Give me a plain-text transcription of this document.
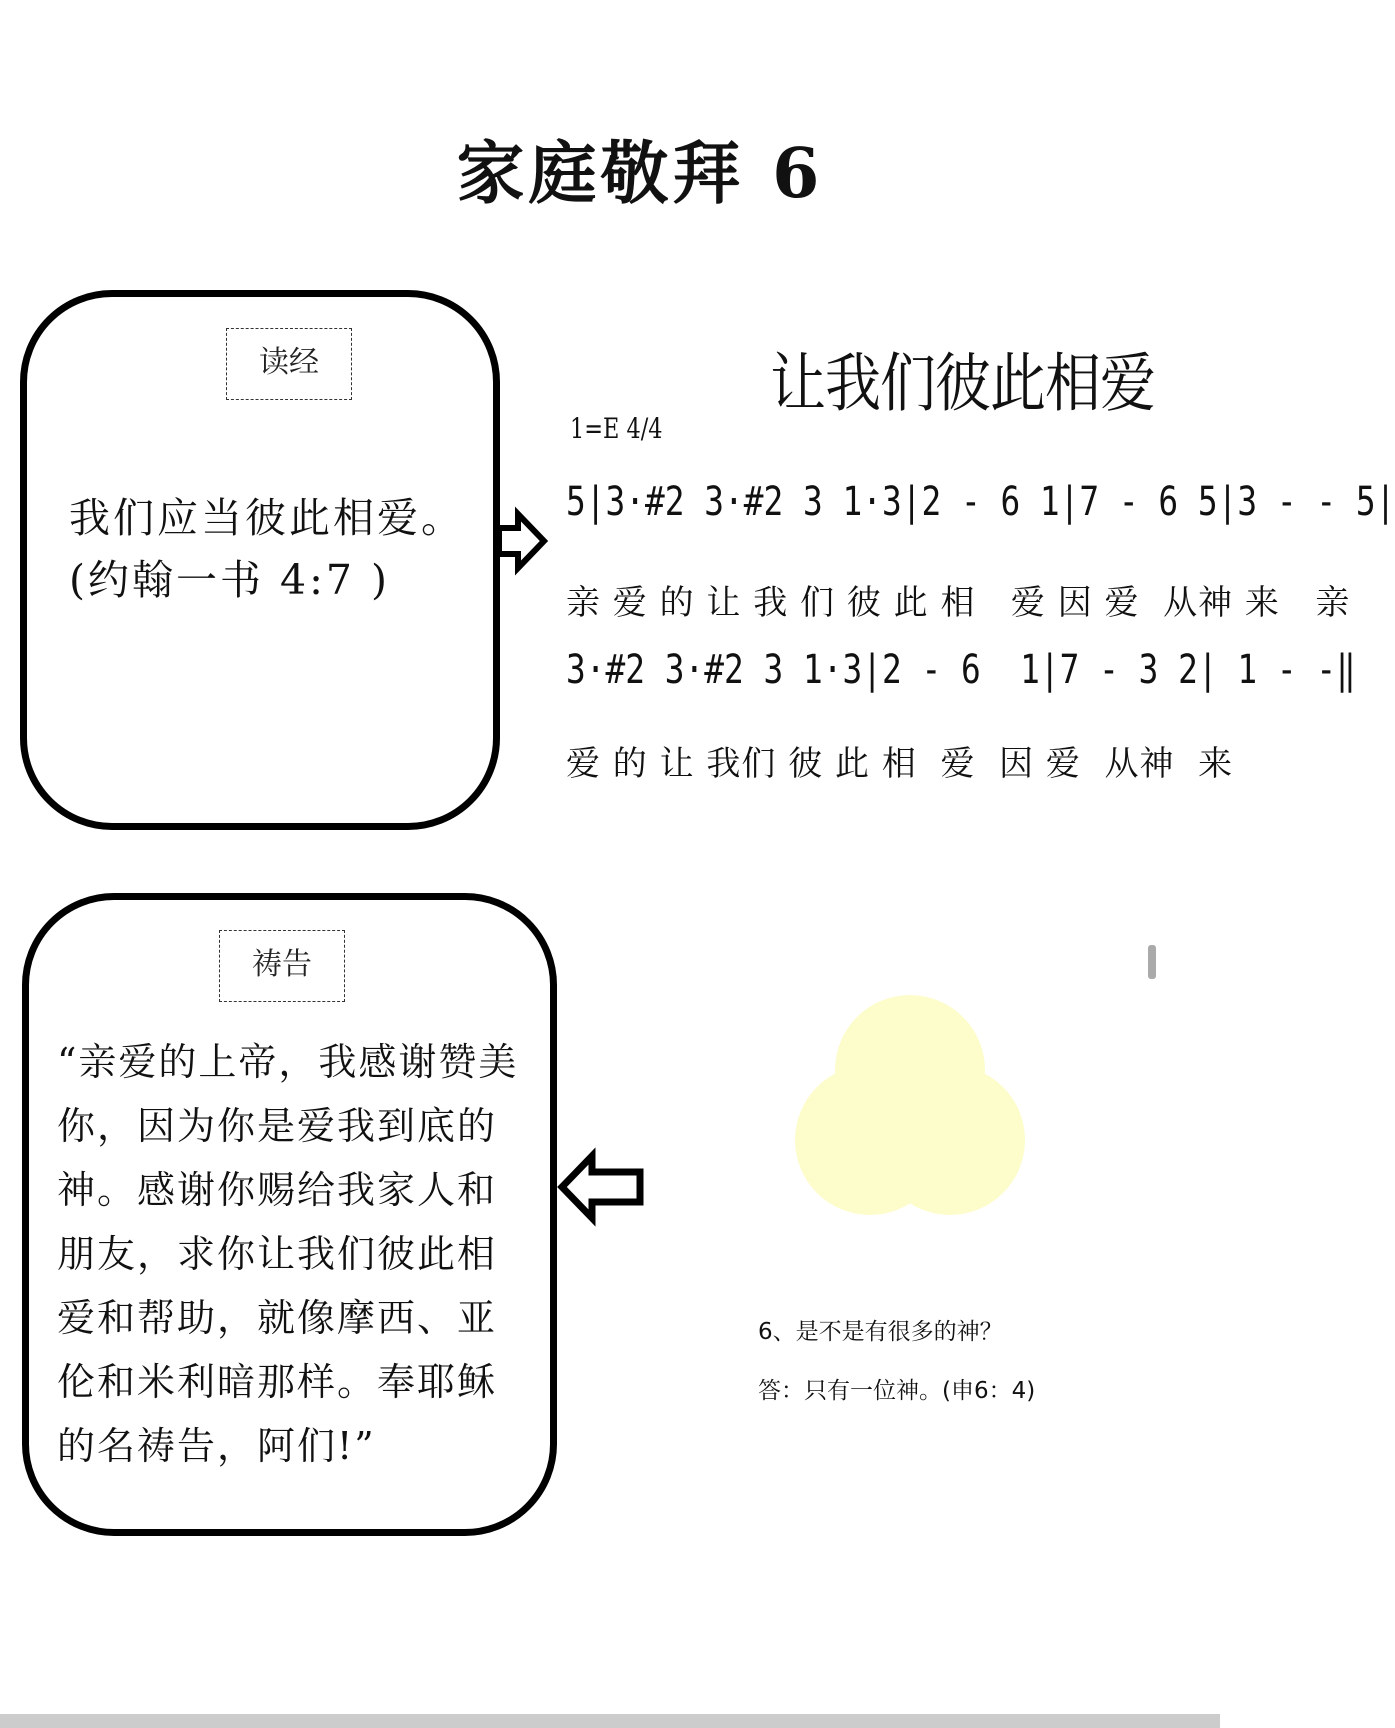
家庭敬拜 6
读经
我们应当彼此相爱。
(约翰一书 4:7 )
让我们彼此相爱
1=E 4/4
5|3·#2 3·#2 3 1·3|2 - 6 1|7 - 6 5|3 - - 5|
亲 爱 的 让 我 们 彼 此 相   爱 因 爱  从神 来   亲
3·#2 3·#2 3 1·3|2 - 6  1|7 - 3 2| 1 - -‖
爱 的 让 我们 彼 此 相  爱  因 爱  从神  来
祷告
“亲爱的上帝，我感谢赞美你，因为你是爱我到底的神。感谢你赐给我家人和朋友，求你让我们彼此相爱和帮助，就像摩西、亚伦和米利暗那样。奉耶稣的名祷告，阿们!”
6、是不是有很多的神？
答：只有一位神。(申6：4)
